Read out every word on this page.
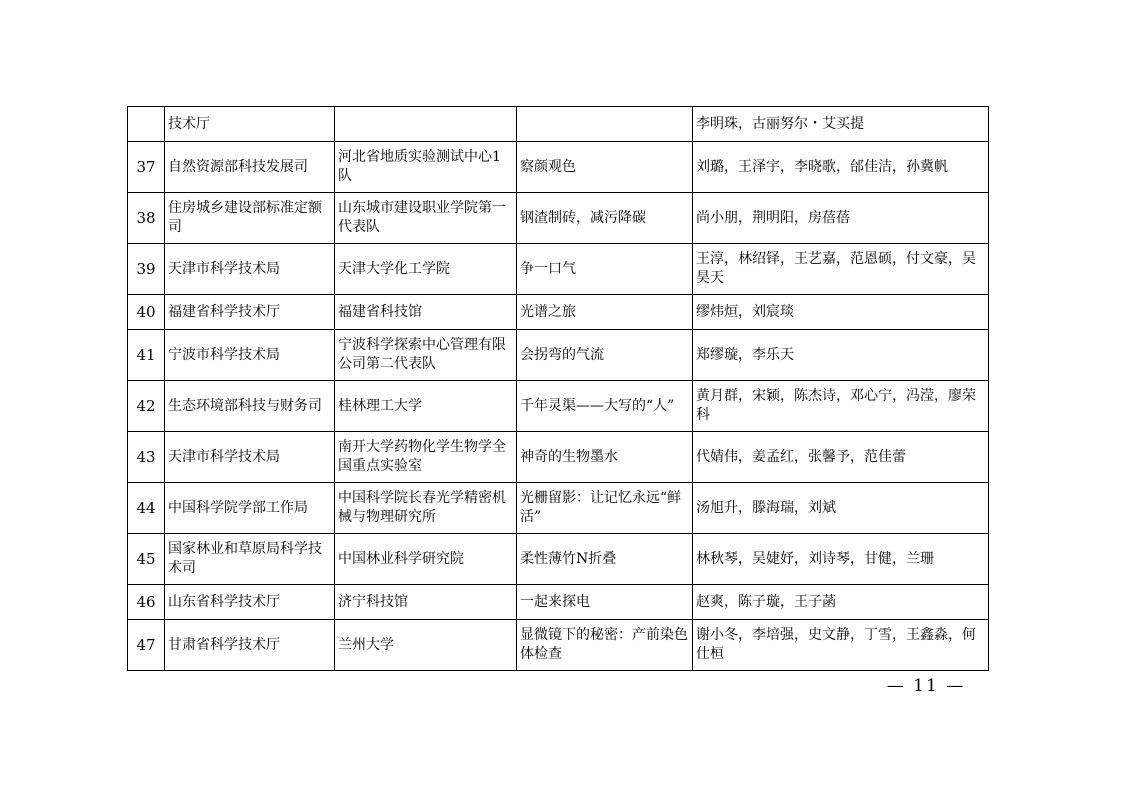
	技术厅			李明珠，古丽努尔・艾买提
37	自然资源部科技发展司	河北省地质实验测试中心1队	察颜观色	刘璐，王泽宇，李晓歌，邰佳洁，孙冀帆
38	住房城乡建设部标准定额司	山东城市建设职业学院第一代表队	钢渣制砖，减污降碳	尚小朋，荆明阳，房蓓蓓
39	天津市科学技术局	天津大学化工学院	争一口气	王淳，林绍铎，王艺嘉，范恩硕，付文豪，吴昊天
40	福建省科学技术厅	福建省科技馆	光谱之旅	缪炜烜，刘宸琰
41	宁波市科学技术局	宁波科学探索中心管理有限公司第二代表队	会拐弯的气流	郑缪璇，李乐天
42	生态环境部科技与财务司	桂林理工大学	千年灵渠——大写的“人”	黄月群，宋颖，陈杰诗，邓心宁，冯滢，廖荣科
43	天津市科学技术局	南开大学药物化学生物学全国重点实验室	神奇的生物墨水	代婧伟，姜孟红，张馨予，范佳蕾
44	中国科学院学部工作局	中国科学院长春光学精密机械与物理研究所	光栅留影：让记忆永远“鲜活”	汤旭升，滕海瑞，刘斌
45	国家林业和草原局科学技术司	中国林业科学研究院	柔性薄竹N折叠	林秋琴，吴婕妤，刘诗琴，甘健，兰珊
46	山东省科学技术厅	济宁科技馆	一起来探电	赵爽，陈子璇，王子菡
47	甘肃省科学技术厅	兰州大学	显微镜下的秘密：产前染色体检查	谢小冬，李培强，史文静，丁雪，王鑫淼，何仕桓
— 11 —
